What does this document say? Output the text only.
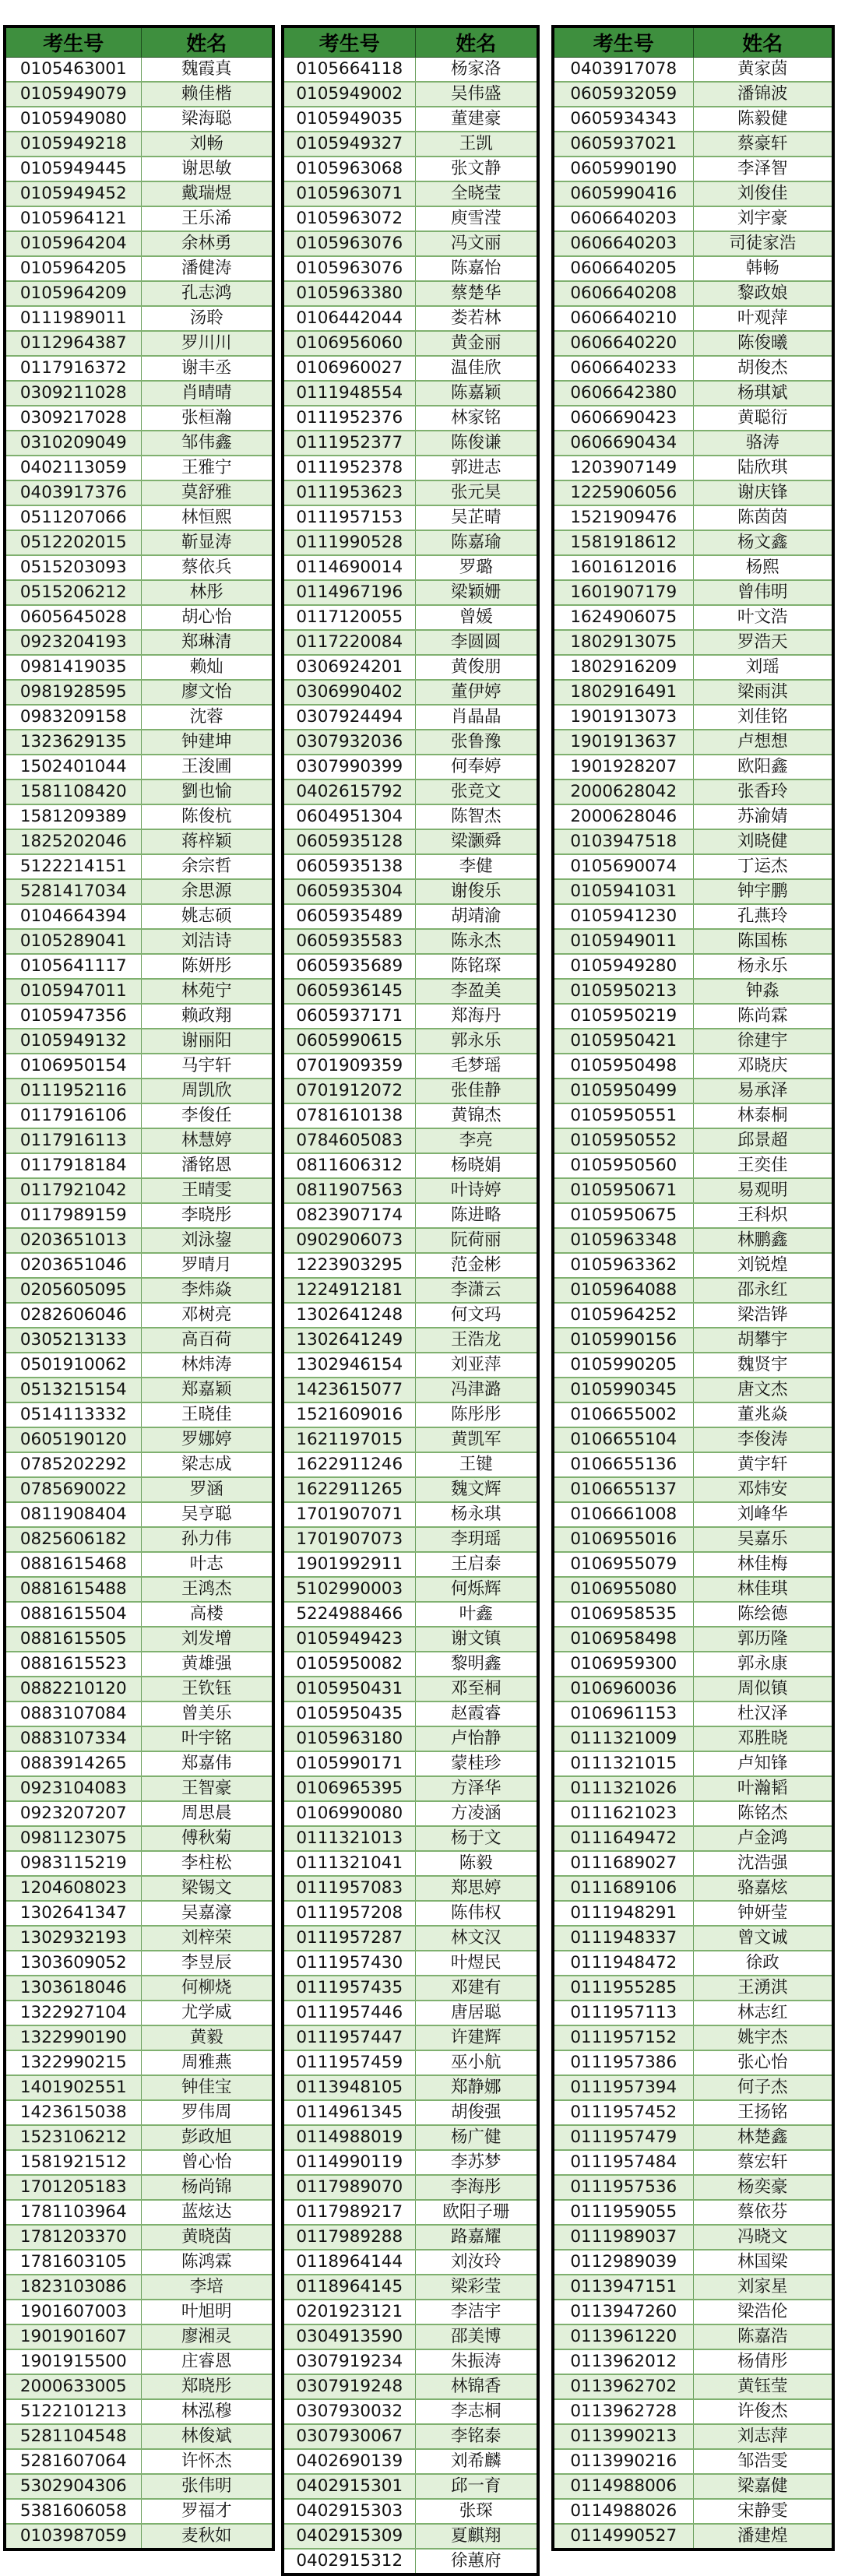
考生号	姓名
0105463001	魏霞真
0105949079	赖佳楷
0105949080	梁海聪
0105949218	刘畅
0105949445	谢思敏
0105949452	戴瑞煜
0105964121	王乐浠
0105964204	余林勇
0105964205	潘健涛
0105964209	孔志鸿
0111989011	汤聆
0112964387	罗川川
0117916372	谢丰丞
0309211028	肖晴晴
0309217028	张桓瀚
0310209049	邹伟鑫
0402113059	王雅宁
0403917376	莫舒雅
0511207066	林恒熙
0512202015	靳显涛
0515203093	蔡依兵
0515206212	林彤
0605645028	胡心怡
0923204193	郑琳清
0981419035	赖灿
0981928595	廖文怡
0983209158	沈蓉
1323629135	钟建坤
1502401044	王浚圃
1581108420	劉也愉
1581209389	陈俊杭
1825202046	蒋梓颖
5122214151	余宗哲
5281417034	余思源
0104664394	姚志硕
0105289041	刘洁诗
0105641117	陈妍彤
0105947011	林苑宁
0105947356	赖政翔
0105949132	谢丽阳
0106950154	马宇轩
0111952116	周凯欣
0117916106	李俊任
0117916113	林慧婷
0117918184	潘铭恩
0117921042	王晴雯
0117989159	李晓彤
0203651013	刘泳鋆
0203651046	罗晴月
0205605095	李炜焱
0282606046	邓树亮
0305213133	高百荷
0501910062	林炜涛
0513215154	郑嘉颖
0514113332	王晓佳
0605190120	罗娜婷
0785202292	梁志成
0785690022	罗涵
0811908404	吴亨聪
0825606182	孙力伟
0881615468	叶志
0881615488	王鸿杰
0881615504	高楼
0881615505	刘发增
0881615523	黄雄强
0882210120	王钦钰
0883107084	曾美乐
0883107334	叶宇铭
0883914265	郑嘉伟
0923104083	王智豪
0923207207	周思晨
0981123075	傅秋菊
0983115219	李柱松
1204608023	梁锡文
1302641347	吴嘉濠
1302932193	刘梓荣
1303609052	李昱辰
1303618046	何柳烧
1322927104	尤学威
1322990190	黄毅
1322990215	周雅燕
1401902551	钟佳宝
1423615038	罗伟周
1523106212	彭政旭
1581921512	曾心怡
1701205183	杨尚锦
1781103964	蓝炫达
1781203370	黄晓茵
1781603105	陈鸿霖
1823103086	李培
1901607003	叶旭明
1901901607	廖湘灵
1901915500	庄睿恩
2000633005	郑晓彤
5122101213	林泓穆
5281104548	林俊斌
5281607064	许怀杰
5302904306	张伟明
5381606058	罗福才
0103987059	麦秋如
考生号	姓名
0105664118	杨家洛
0105949002	吴伟盛
0105949035	董建豪
0105949327	王凯
0105963068	张文静
0105963071	全晓莹
0105963072	庾雪滢
0105963076	冯文丽
0105963076	陈嘉怡
0105963380	蔡楚华
0106442044	娄若林
0106956060	黄金丽
0106960027	温佳欣
0111948554	陈嘉颖
0111952376	林家铭
0111952377	陈俊谦
0111952378	郭进志
0111953623	张元昊
0111957153	吴芷晴
0111990528	陈嘉瑜
0114690014	罗璐
0114967196	梁颖姗
0117120055	曾媛
0117220084	李圆圆
0306924201	黄俊朋
0306990402	董伊婷
0307924494	肖晶晶
0307932036	张鲁豫
0307990399	何奉婷
0402615792	张竞文
0604951304	陈智杰
0605935128	梁灏舜
0605935138	李健
0605935304	谢俊乐
0605935489	胡靖渝
0605935583	陈永杰
0605935689	陈铭琛
0605936145	李盈美
0605937171	郑海丹
0605990615	郭永乐
0701909359	毛梦瑶
0701912072	张佳静
0781610138	黄锦杰
0784605083	李亮
0811606312	杨晓娟
0811907563	叶诗婷
0823907174	陈进略
0902906073	阮荷丽
1223903295	范金彬
1224912181	李潇云
1302641248	何文玛
1302641249	王浩龙
1302946154	刘亚萍
1423615077	冯津潞
1521609016	陈彤彤
1621197015	黄凯军
1622911246	王键
1622911265	魏文辉
1701907071	杨永琪
1701907073	李玥瑶
1901992911	王启泰
5102990003	何烁辉
5224988466	叶鑫
0105949423	谢文镇
0105950082	黎明鑫
0105950431	邓至桐
0105950435	赵霞睿
0105963180	卢怡静
0105990171	蒙桂珍
0106965395	方泽华
0106990080	方凌涵
0111321013	杨于文
0111321041	陈毅
0111957083	郑思婷
0111957208	陈伟权
0111957287	林文汉
0111957430	叶煜民
0111957435	邓建有
0111957446	唐居聪
0111957447	许建辉
0111957459	巫小航
0113948105	郑静娜
0114961345	胡俊强
0114988019	杨广健
0114990119	李苏梦
0117989070	李海彤
0117989217	欧阳子珊
0117989288	路嘉耀
0118964144	刘汝玲
0118964145	梁彩莹
0201923121	李洁宇
0304913590	邵美博
0307919234	朱振涛
0307919248	林锦香
0307930032	李志桐
0307930067	李铭泰
0402690139	刘希麟
0402915301	邱一育
0402915303	张琛
0402915309	夏麒翔
0402915312	徐蕙府
考生号	姓名
0403917078	黄家茵
0605932059	潘锦波
0605934343	陈毅健
0605937021	蔡豪轩
0605990190	李泽智
0605990416	刘俊佳
0606640203	刘宇豪
0606640203	司徒家浩
0606640205	韩畅
0606640208	黎政娘
0606640210	叶观萍
0606640220	陈俊曦
0606640233	胡俊杰
0606642380	杨琪斌
0606690423	黄聪衍
0606690434	骆涛
1203907149	陆欣琪
1225906056	谢庆锋
1521909476	陈茵茵
1581918612	杨文鑫
1601612016	杨熙
1601907179	曾伟明
1624906075	叶文浩
1802913075	罗浩天
1802916209	刘瑶
1802916491	梁雨淇
1901913073	刘佳铭
1901913637	卢想想
1901928207	欧阳鑫
2000628042	张香玲
2000628046	苏渝婧
0103947518	刘晓健
0105690074	丁运杰
0105941031	钟宇鹏
0105941230	孔燕玲
0105949011	陈国栋
0105949280	杨永乐
0105950213	钟淼
0105950219	陈尚霖
0105950421	徐建宇
0105950498	邓晓庆
0105950499	易承泽
0105950551	林泰桐
0105950552	邱景超
0105950560	王奕佳
0105950671	易观明
0105950675	王科炽
0105963348	林鹏鑫
0105963362	刘锐煌
0105964088	邵永红
0105964252	梁浩铧
0105990156	胡攀宇
0105990205	魏贤宇
0105990345	唐文杰
0106655002	董兆焱
0106655104	李俊涛
0106655136	黄宇轩
0106655137	邓炜安
0106661008	刘峰华
0106955016	吴嘉乐
0106955079	林佳梅
0106955080	林佳琪
0106958535	陈绘德
0106958498	郭历隆
0106959300	郭永康
0106960036	周似镇
0106961153	杜汉泽
0111321009	邓胜晓
0111321015	卢知锋
0111321026	叶瀚韬
0111621023	陈铭杰
0111649472	卢金鸿
0111689027	沈浩强
0111689106	骆嘉炫
0111948291	钟妍莹
0111948337	曾文诚
0111948472	徐政
0111955285	王湧淇
0111957113	林志红
0111957152	姚宇杰
0111957386	张心怡
0111957394	何子杰
0111957452	王扬铭
0111957479	林楚鑫
0111957484	蔡宏轩
0111957536	杨奕豪
0111959055	蔡依芬
0111989037	冯晓文
0112989039	林国梁
0113947151	刘家星
0113947260	梁浩伦
0113961220	陈嘉浩
0113962012	杨倩彤
0113962702	黄钰莹
0113962728	许俊杰
0113990213	刘志萍
0113990216	邹浩雯
0114988006	梁嘉健
0114988026	宋静雯
0114990527	潘建煌
